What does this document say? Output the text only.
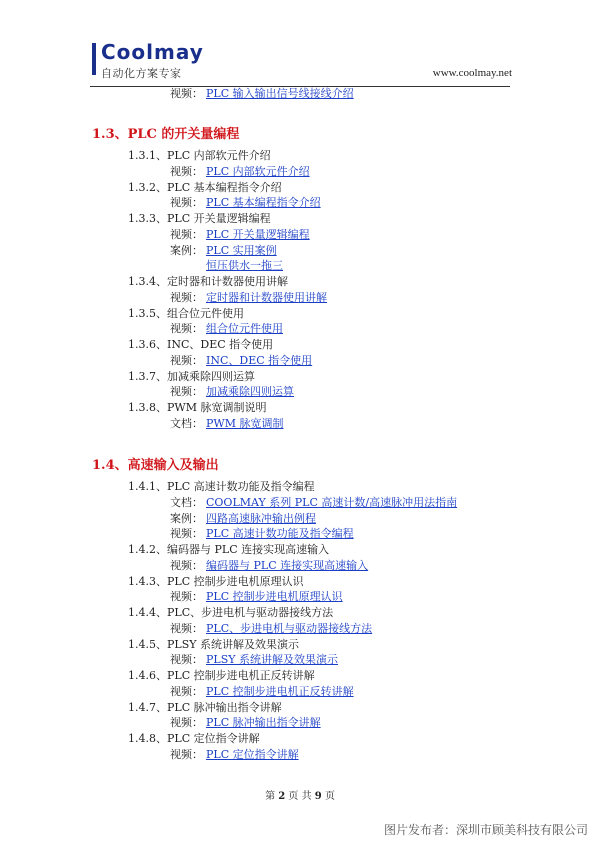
Coolmay
自动化方案专家	www.coolmay.net
视频： PLC 输入输出信号线接线介绍
1.3、PLC 的开关量编程
1.3.1、PLC 内部软元件介绍
视频： PLC 内部软元件介绍
1.3.2、PLC 基本编程指令介绍
视频： PLC 基本编程指令介绍
1.3.3、PLC 开关量逻辑编程
视频： PLC 开关量逻辑编程
案例： PLC 实用案例
恒压供水一拖三
1.3.4、定时器和计数器使用讲解
视频： 定时器和计数器使用讲解
1.3.5、组合位元件使用
视频： 组合位元件使用
1.3.6、INC、DEC 指令使用
视频： INC、DEC 指令使用
1.3.7、加减乘除四则运算
视频： 加减乘除四则运算
1.3.8、PWM 脉宽调制说明
文档： PWM 脉宽调制
1.4、高速输入及输出
1.4.1、PLC 高速计数功能及指令编程
文档： COOLMAY 系列 PLC 高速计数/高速脉冲用法指南
案例： 四路高速脉冲输出例程
视频： PLC 高速计数功能及指令编程
1.4.2、编码器与 PLC 连接实现高速输入
视频： 编码器与 PLC 连接实现高速输入
1.4.3、PLC 控制步进电机原理认识
视频： PLC 控制步进电机原理认识
1.4.4、PLC、步进电机与驱动器接线方法
视频： PLC、步进电机与驱动器接线方法
1.4.5、PLSY 系统讲解及效果演示
视频： PLSY 系统讲解及效果演示
1.4.6、PLC 控制步进电机正反转讲解
视频： PLC 控制步进电机正反转讲解
1.4.7、PLC 脉冲输出指令讲解
视频： PLC 脉冲输出指令讲解
1.4.8、PLC 定位指令讲解
视频： PLC 定位指令讲解
第 2 页 共 9 页
图片发布者：深圳市顾美科技有限公司
